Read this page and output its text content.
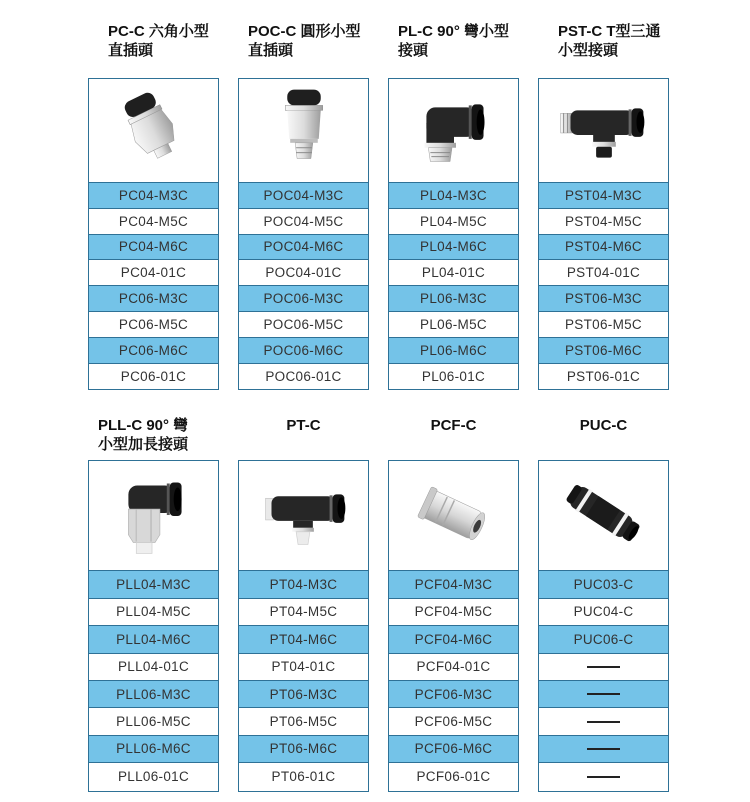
PC-C 六角小型
直插頭
POC-C 圓形小型
直插頭
PL-C 90° 彎小型
接頭
PST-C T型三通
小型接頭
PC04-M3C
PC04-M5C
PC04-M6C
PC04-01C
PC06-M3C
PC06-M5C
PC06-M6C
PC06-01C
POC04-M3C
POC04-M5C
POC04-M6C
POC04-01C
POC06-M3C
POC06-M5C
POC06-M6C
POC06-01C
PL04-M3C
PL04-M5C
PL04-M6C
PL04-01C
PL06-M3C
PL06-M5C
PL06-M6C
PL06-01C
PST04-M3C
PST04-M5C
PST04-M6C
PST04-01C
PST06-M3C
PST06-M5C
PST06-M6C
PST06-01C
PLL-C 90° 彎
小型加長接頭
PT-C	PCF-C	PUC-C
PLL04-M3C
PLL04-M5C
PLL04-M6C
PLL04-01C
PLL06-M3C
PLL06-M5C
PLL06-M6C
PLL06-01C
PT04-M3C
PT04-M5C
PT04-M6C
PT04-01C
PT06-M3C
PT06-M5C
PT06-M6C
PT06-01C
PCF04-M3C
PCF04-M5C
PCF04-M6C
PCF04-01C
PCF06-M3C
PCF06-M5C
PCF06-M6C
PCF06-01C
PUC03-C
PUC04-C
PUC06-C
